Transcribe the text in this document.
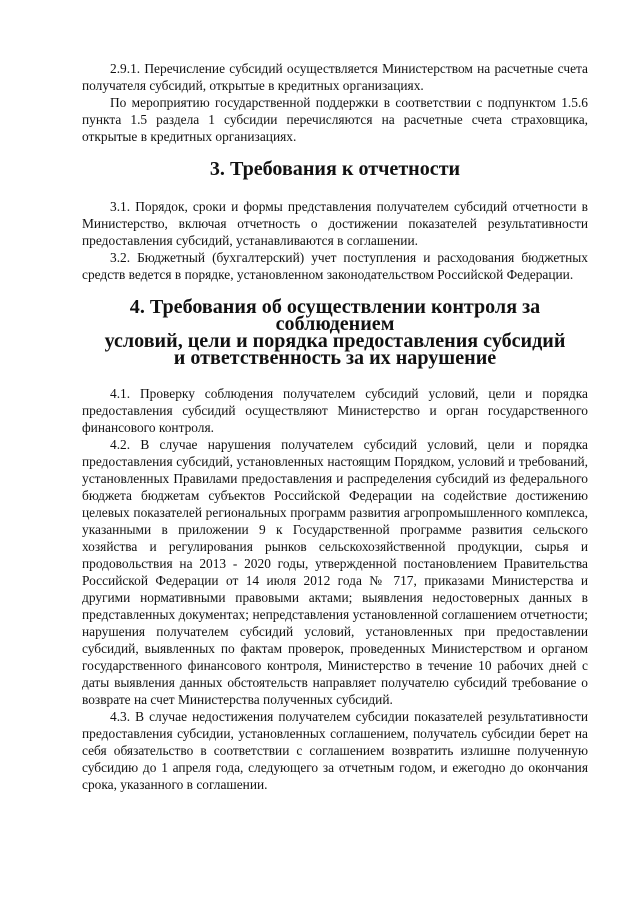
2.9.1. Перечисление субсидий осуществляется Министерством на расчетные счета получателя субсидий, открытые в кредитных организациях.

По мероприятию государственной поддержки в соответствии с подпунктом 1.5.6 пункта 1.5 раздела 1 субсидии перечисляются на расчетные счета страховщика, открытые в кредитных организациях.

3. Требования к отчетности

3.1. Порядок, сроки и формы представления получателем субсидий отчетности в Министерство, включая отчетность о достижении показателей результативности предоставления субсидий, устанавливаются в соглашении.

3.2. Бюджетный (бухгалтерский) учет поступления и расходования бюджетных средств ведется в порядке, установленном законодательством Российской Федерации.

4. Требования об осуществлении контроля за соблюдением
условий, цели и порядка предоставления субсидий
и ответственность за их нарушение

4.1. Проверку соблюдения получателем субсидий условий, цели и порядка предоставления субсидий осуществляют Министерство и орган государственного финансового контроля.

4.2. В случае нарушения получателем субсидий условий, цели и порядка предоставления субсидий, установленных настоящим Порядком, условий и требований, установленных Правилами предоставления и распределения субсидий из федерального бюджета бюджетам субъектов Российской Федерации на содействие достижению целевых показателей региональных программ развития агропромышленного комплекса, указанными в приложении 9 к Государственной программе развития сельского хозяйства и регулирования рынков сельскохозяйственной продукции, сырья и продовольствия на 2013 - 2020 годы, утвержденной постановлением Правительства Российской Федерации от 14 июля 2012 года № 717, приказами Министерства и другими нормативными правовыми актами; выявления недостоверных данных в представленных документах; непредставления установленной соглашением отчетности; нарушения получателем субсидий условий, установленных при предоставлении субсидий, выявленных по фактам проверок, проведенных Министерством и органом государственного финансового контроля, Министерство в течение 10 рабочих дней с даты выявления данных обстоятельств направляет получателю субсидий требование о возврате на счет Министерства полученных субсидий.

4.3. В случае недостижения получателем субсидии показателей результативности предоставления субсидии, установленных соглашением, получатель субсидии берет на себя обязательство в соответствии с соглашением возвратить излишне полученную субсидию до 1 апреля года, следующего за отчетным годом, и ежегодно до окончания срока, указанного в соглашении.
